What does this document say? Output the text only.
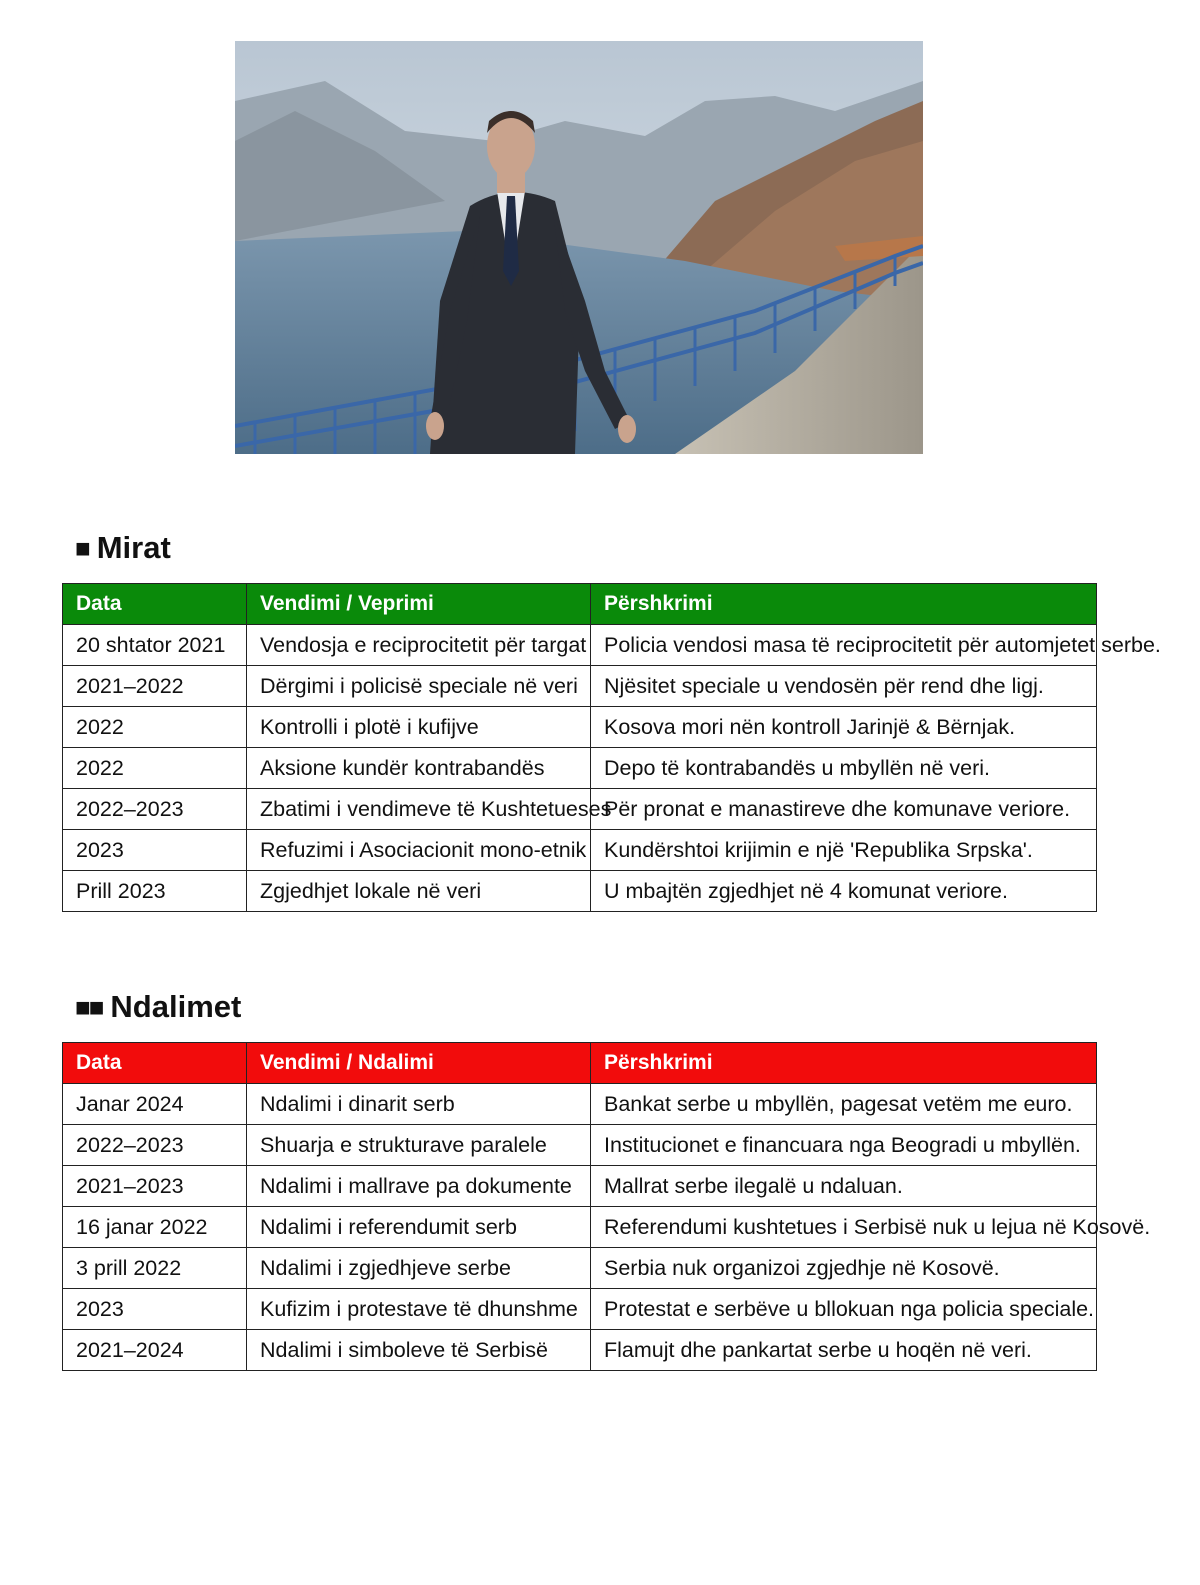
■ Mirat
Data	Vendimi / Veprimi	Përshkrimi
20 shtator 2021	Vendosja e reciprocitetit për targat	Policia vendosi masa të reciprocitetit për automjetet serbe.
2021–2022	Dërgimi i policisë speciale në veri	Njësitet speciale u vendosën për rend dhe ligj.
2022	Kontrolli i plotë i kufijve	Kosova mori nën kontroll Jarinjë & Bërnjak.
2022	Aksione kundër kontrabandës	Depo të kontrabandës u mbyllën në veri.
2022–2023	Zbatimi i vendimeve të Kushtetueses	Për pronat e manastireve dhe komunave veriore.
2023	Refuzimi i Asociacionit mono-etnik	Kundërshtoi krijimin e një 'Republika Srpska'.
Prill 2023	Zgjedhjet lokale në veri	U mbajtën zgjedhjet në 4 komunat veriore.
■■ Ndalimet
Data	Vendimi / Ndalimi	Përshkrimi
Janar 2024	Ndalimi i dinarit serb	Bankat serbe u mbyllën, pagesat vetëm me euro.
2022–2023	Shuarja e strukturave paralele	Institucionet e financuara nga Beogradi u mbyllën.
2021–2023	Ndalimi i mallrave pa dokumente	Mallrat serbe ilegalë u ndaluan.
16 janar 2022	Ndalimi i referendumit serb	Referendumi kushtetues i Serbisë nuk u lejua në Kosovë.
3 prill 2022	Ndalimi i zgjedhjeve serbe	Serbia nuk organizoi zgjedhje në Kosovë.
2023	Kufizim i protestave të dhunshme	Protestat e serbëve u bllokuan nga policia speciale.
2021–2024	Ndalimi i simboleve të Serbisë	Flamujt dhe pankartat serbe u hoqën në veri.
